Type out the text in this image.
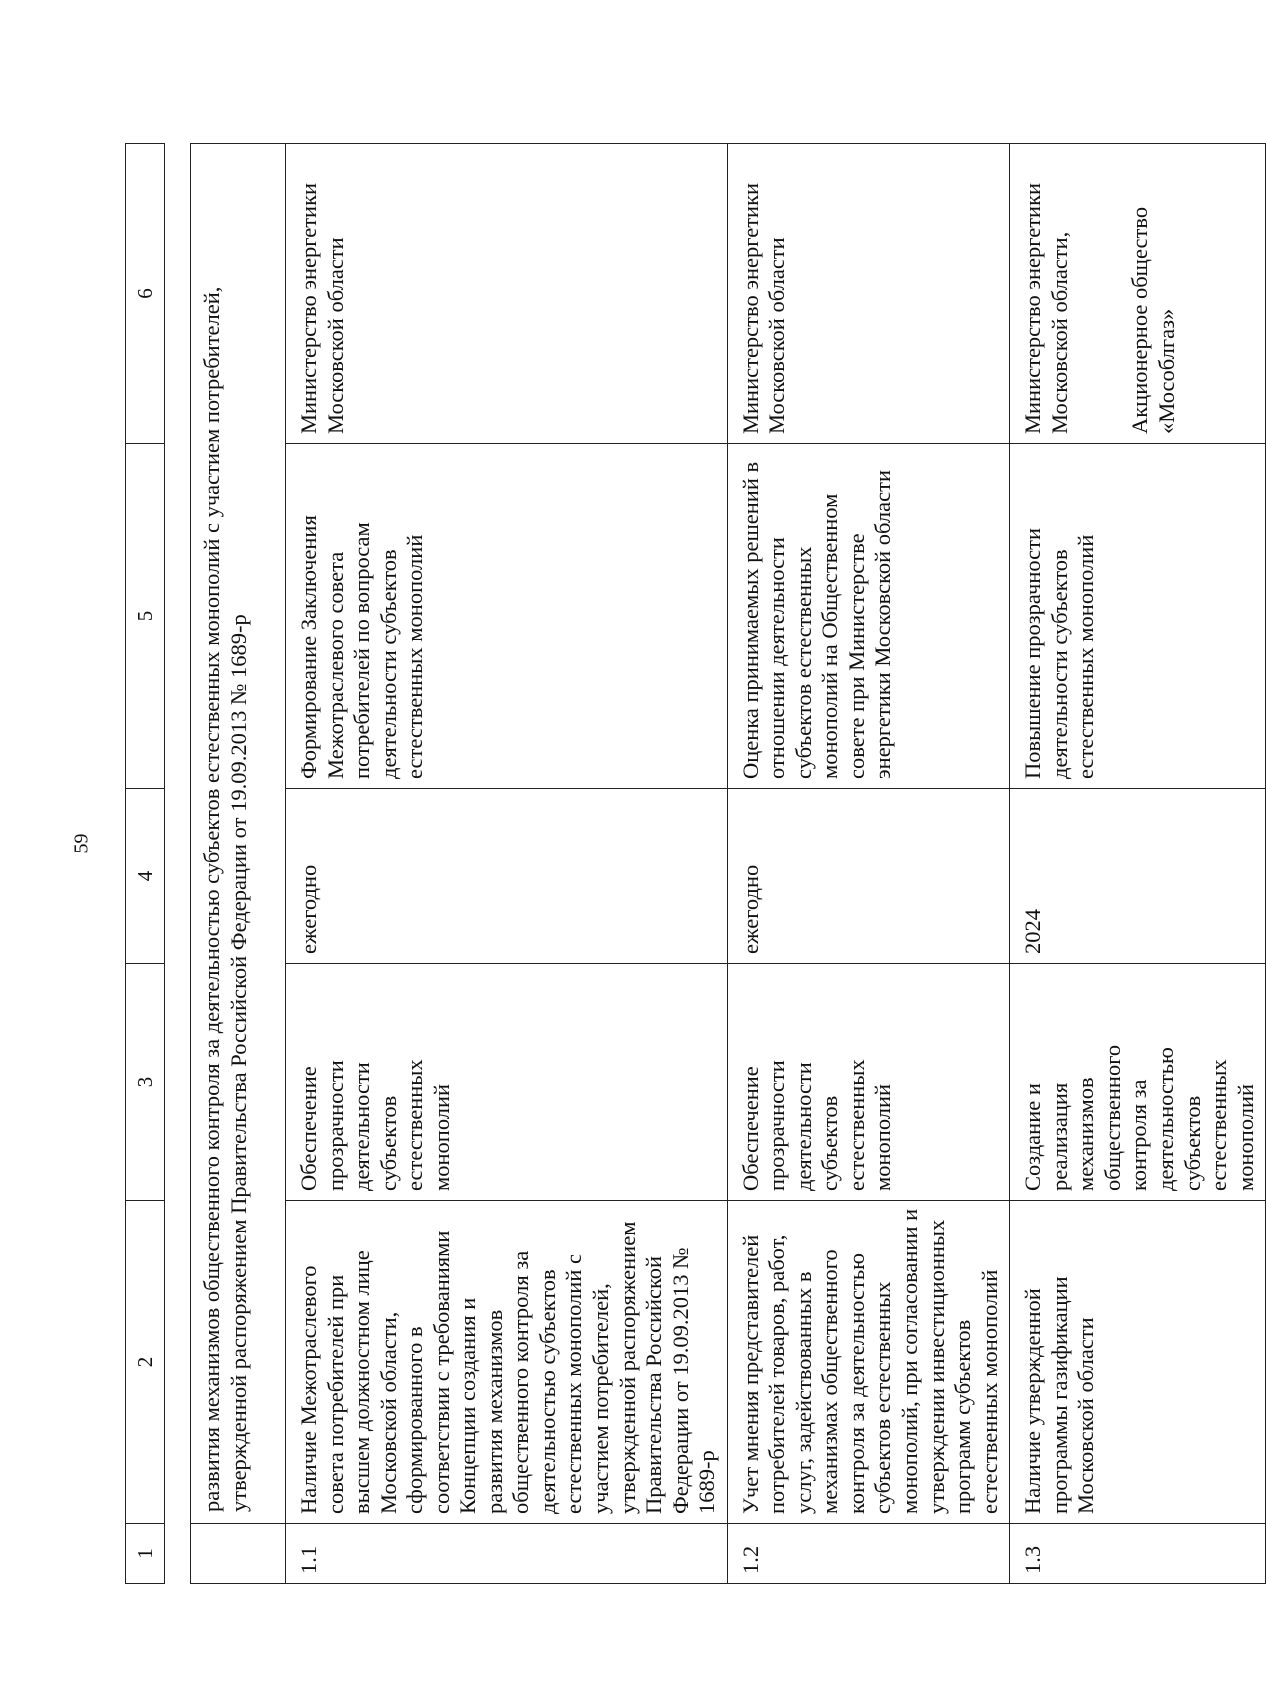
59
1	2	3	4	5	6

	развития механизмов общественного контроля за деятельностью субъектов естественных монополий с участием потребителей, утвержденной распоряжением Правительства Российской Федерации от 19.09.2013 № 1689-р				
1.1	Наличие Межотраслевого совета потребителей при высшем должностном лице Московской области, сформированного в соответствии с требованиями Концепции создания и развития механизмов общественного контроля за деятельностью субъектов естественных монополий с участием потребителей, утвержденной распоряжением Правительства Российской Федерации от 19.09.2013 № 1689-р	Обеспечение прозрачности деятельности субъектов естественных монополий	ежегодно	Формирование Заключения Межотраслевого совета потребителей по вопросам деятельности субъектов естественных монополий	Министерство энергетики Московской области
1.2	Учет мнения представителей потребителей товаров, работ, услуг, задействованных в механизмах общественного контроля за деятельностью субъектов естественных монополий, при согласовании и утверждении инвестиционных программ субъектов естественных монополий	Обеспечение прозрачности деятельности субъектов естественных монополий	ежегодно	Оценка принимаемых решений в отношении деятельности субъектов естественных монополий на Общественном совете при Министерстве энергетики Московской области	Министерство энергетики Московской области
1.3	Наличие утвержденной программы газификации Московской области	Создание и реализация механизмов общественного контроля за деятельностью субъектов естественных монополий	2024	Повышение прозрачности деятельности субъектов естественных монополий	Министерство энергетики Московской области, Акционерное общество «Мособлгаз»
